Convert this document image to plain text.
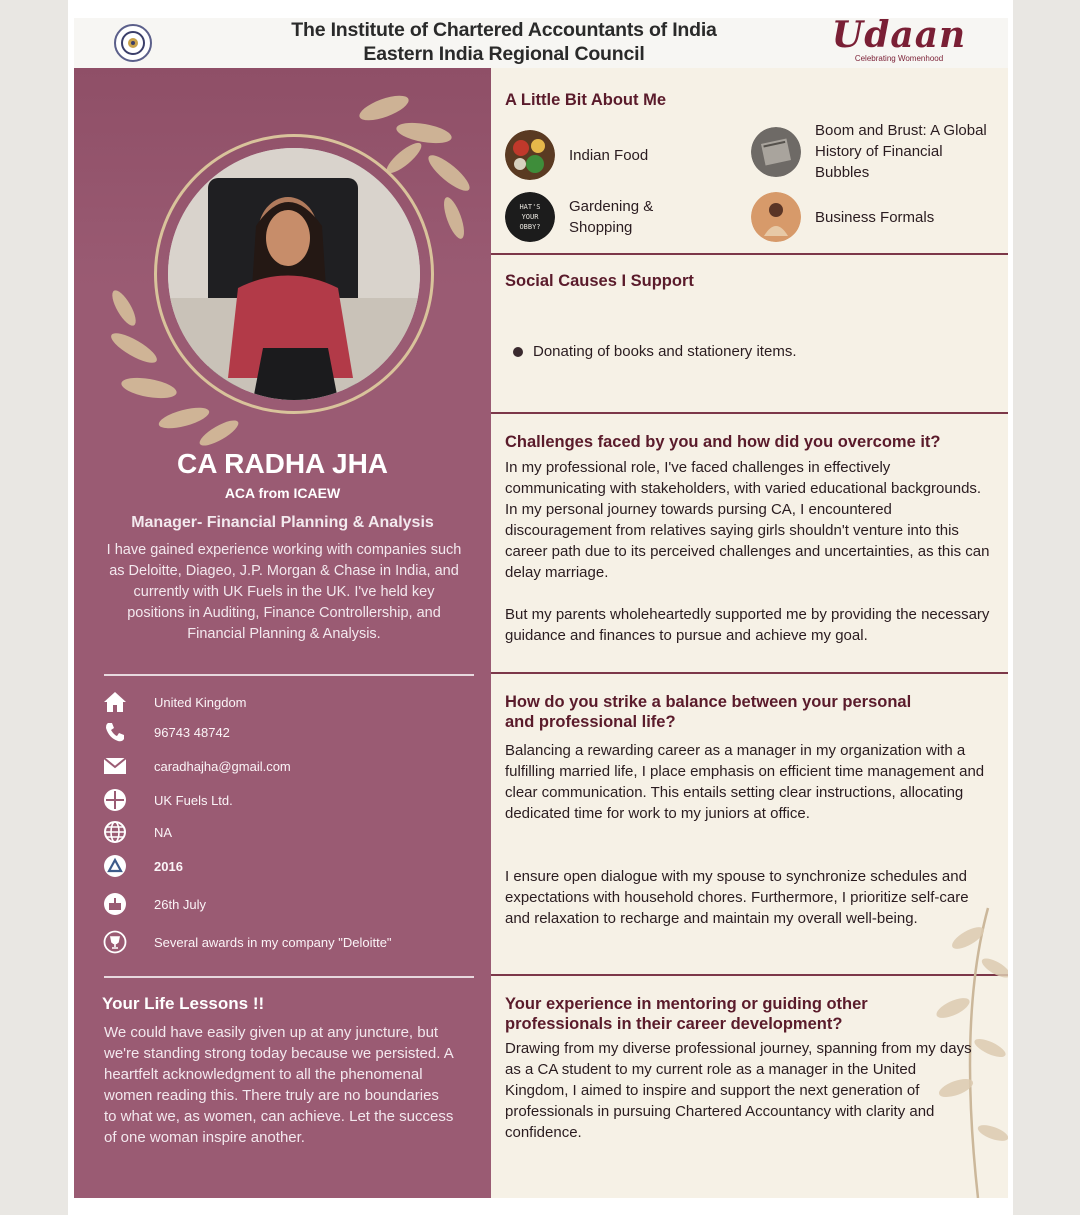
The Institute of Chartered Accountants of India
Eastern India Regional Council	Udaan
Celebrating Womenhood
CA RADHA JHA
ACA from ICAEW
Manager- Financial Planning & Analysis
I have gained experience working with companies such as Deloitte, Diageo, J.P. Morgan & Chase in India, and currently with UK Fuels in the UK. I've held key positions in Auditing, Finance Controllership, and Financial Planning & Analysis.
United Kingdom
96743 48742
caradhajha@gmail.com
UK Fuels Ltd.
NA
2016
26th July
Several awards in my company "Deloitte"
Your Life Lessons !!
We could have easily given up at any juncture, but we're standing strong today because we persisted. A heartfelt acknowledgment to all the phenomenal women reading this. There truly are no boundaries to what we, as women, can achieve. Let the success of one woman inspire another.
A Little Bit About Me
Indian Food
Boom and Brust: A Global History of Financial Bubbles
HAT'S
YOUR
OBBY?
Gardening & Shopping
Business Formals
Social Causes I Support
Donating of books and stationery items.
Challenges faced by you and how did you overcome it?
In my professional role, I've faced challenges in effectively communicating with stakeholders, with varied educational backgrounds. In my personal journey towards pursing CA, I encountered discouragement from relatives saying girls shouldn't venture into this career path due to its perceived challenges and uncertainties, as this can delay marriage.
But my parents wholeheartedly supported me by providing the necessary guidance and finances to pursue and achieve my goal.
How do you strike a balance between your personal and professional life?
Balancing a rewarding career as a manager in my organization with a fulfilling married life, I place emphasis on efficient time management and clear communication. This entails setting clear instructions, allocating dedicated time for work to my juniors at office.
I ensure open dialogue with my spouse to synchronize schedules and expectations with household chores. Furthermore, I prioritize self-care and relaxation to recharge and maintain my overall well-being.
Your experience in mentoring or guiding other professionals in their career development?
Drawing from my diverse professional journey, spanning from my days as a CA student to my current role as a manager in the United Kingdom, I aimed to inspire and support the next generation of professionals in pursuing Chartered Accountancy with clarity and confidence.
